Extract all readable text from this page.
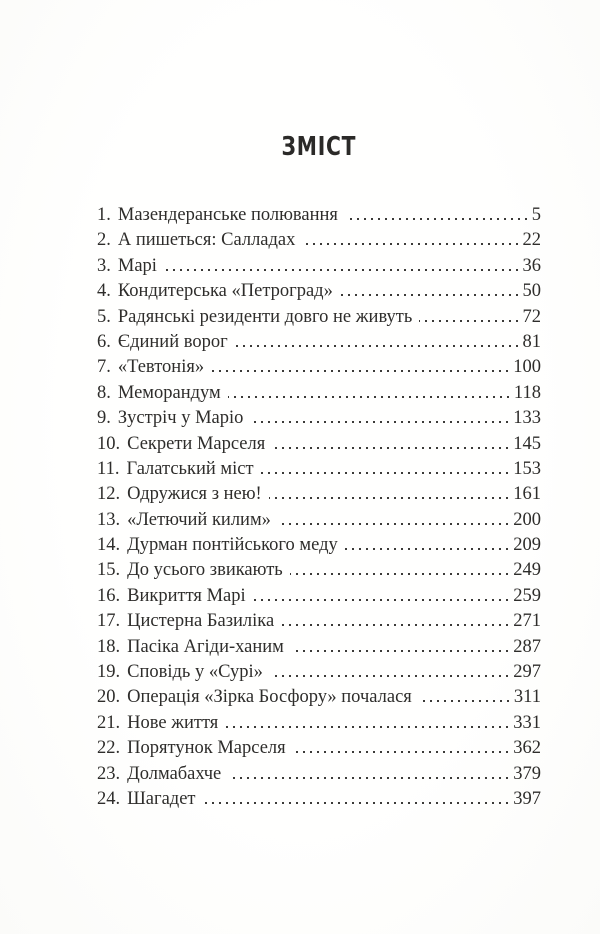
ЗМІСТ
1. Мазендеранське полювання	5
2. А пишеться: Салладах	22
3. Марі	36
4. Кондитерська «Петроград»	50
5. Радянські резиденти довго не живуть	72
6. Єдиний ворог	81
7. «Тевтонія»	100
8. Меморандум	118
9. Зустріч у Маріо	133
10. Секрети Марселя	145
11. Галатський міст	153
12. Одружися з нею!	161
13. «Летючий килим»	200
14. Дурман понтійського меду	209
15. До усього звикають	249
16. Викриття Марі	259
17. Цистерна Базиліка	271
18. Пасіка Агіди-ханим	287
19. Сповідь у «Сурі»	297
20. Операція «Зірка Босфору» почалася	311
21. Нове життя	331
22. Порятунок Марселя	362
23. Долмабахче	379
24. Шагадет	397
